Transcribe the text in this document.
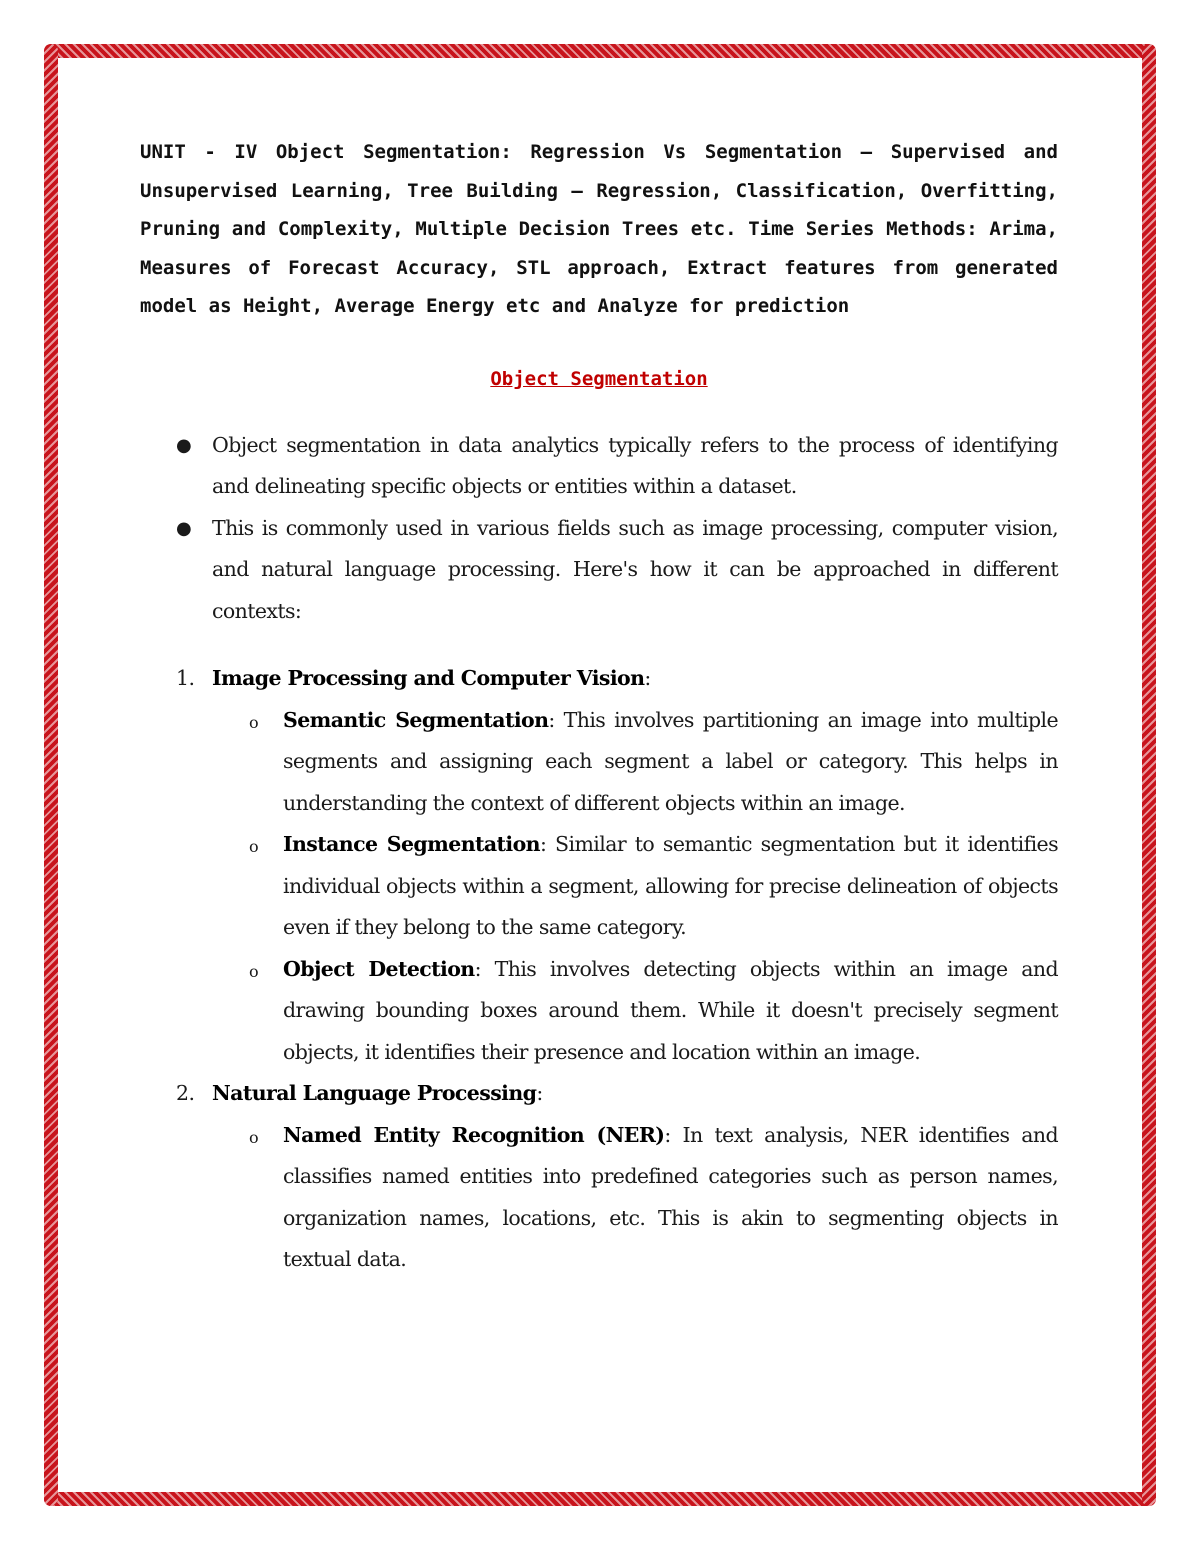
UNIT - IV Object Segmentation: Regression Vs Segmentation – Supervised and Unsupervised Learning, Tree Building – Regression, Classification, Overfitting, Pruning and Complexity, Multiple Decision Trees etc. Time Series Methods: Arima, Measures of Forecast Accuracy, STL approach, Extract features from generated model as Height, Average Energy etc and Analyze for prediction

Object Segmentation
● Object segmentation in data analytics typically refers to the process of identifying and delineating specific objects or entities within a dataset.
● This is commonly used in various fields such as image processing, computer vision, and natural language processing. Here's how it can be approached in different contexts:
1. Image Processing and Computer Vision:
o Semantic Segmentation: This involves partitioning an image into multiple segments and assigning each segment a label or category. This helps in understanding the context of different objects within an image.
o Instance Segmentation: Similar to semantic segmentation but it identifies individual objects within a segment, allowing for precise delineation of objects even if they belong to the same category.
o Object Detection: This involves detecting objects within an image and drawing bounding boxes around them. While it doesn't precisely segment objects, it identifies their presence and location within an image.
2. Natural Language Processing:
o Named Entity Recognition (NER): In text analysis, NER identifies and classifies named entities into predefined categories such as person names, organization names, locations, etc. This is akin to segmenting objects in textual data.
